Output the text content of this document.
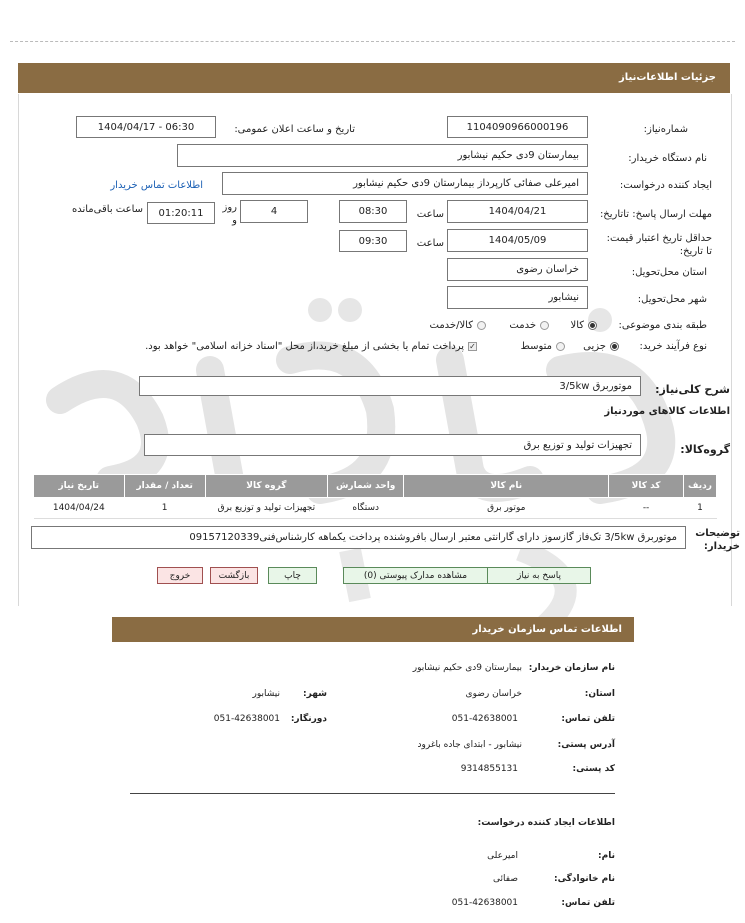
جزئیات اطلاعات‌نیاز
شماره‌نیاز:
1104090966000196
تاریخ و ساعت اعلان عمومی:
1404/04/17 - 06:30
نام دستگاه خریدار:
بیمارستان 9دی حکیم نیشابور
ایجاد کننده درخواست:
امیرعلی صفائی کارپرداز بیمارستان 9دی حکیم نیشابور
اطلاعات تماس خریدار
مهلت ارسال پاسخ: تاتاریخ:
1404/04/21
ساعت
08:30
4
روز و
01:20:11
ساعت باقی‌مانده
حداقل تاریخ اعتبار قیمت: تا تاریخ:
1404/05/09
ساعت
09:30
استان محل‌تحویل:
خراسان رضوی
شهر محل‌تحویل:
نیشابور
طبقه بندی موضوعی:
کالا
خدمت
کالا/خدمت
نوع فرآیند خرید:
جزیی
متوسط
✓
پرداخت تمام یا بخشی از مبلغ خرید،از محل "اسناد خزانه اسلامی" خواهد بود.
شرح کلی‌نیاز:
موتوربرق 3/5kw
اطلاعات کالاهای موردنیاز
گروه‌کالا:
تجهیزات تولید و توزیع برق
ردیف	کد کالا	نام کالا	واحد شمارش	گروه کالا	تعداد / مقدار	تاریخ نیاز
1	--	موتور برق	دستگاه	تجهیزات تولید و توزیع برق	1	1404/04/24
توضیحات خریدار:
موتوربرق 3/5kw تک‌فاز گازسوز دارای گارانتی معتبر ارسال بافروشنده پرداخت یکماهه کارشناس‌فنی09157120339
پاسخ به نیاز
مشاهده مدارک پیوستی (0)
چاپ
بازگشت
خروج
اطلاعات تماس سازمان خریدار
نام سازمان خریدار:
بیمارستان 9دی حکیم نیشابور
استان:
خراسان رضوی
شهر:
نیشابور
تلفن تماس:
051-42638001
دورنگار:
051-42638001
آدرس پستی:
نیشابور - ابتدای جاده باغرود
کد پستی:
9314855131
اطلاعات ایجاد کننده درخواست:
نام:
امیرعلی
نام خانوادگی:
صفائی
تلفن تماس:
051-42638001
